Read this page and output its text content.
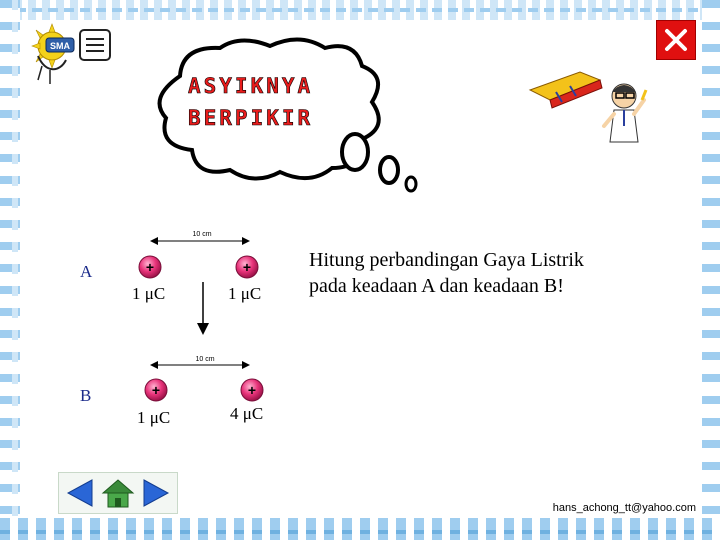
SMA
ASYIKNYA
BERPIKIR
A
B
10 cm
+	+
10 cm
+	+
1 μC	1 μC
1 μC	4 μC
Hitung perbandingan Gaya Listrik
pada keadaan A dan keadaan B!
hans_achong_tt@yahoo.com
